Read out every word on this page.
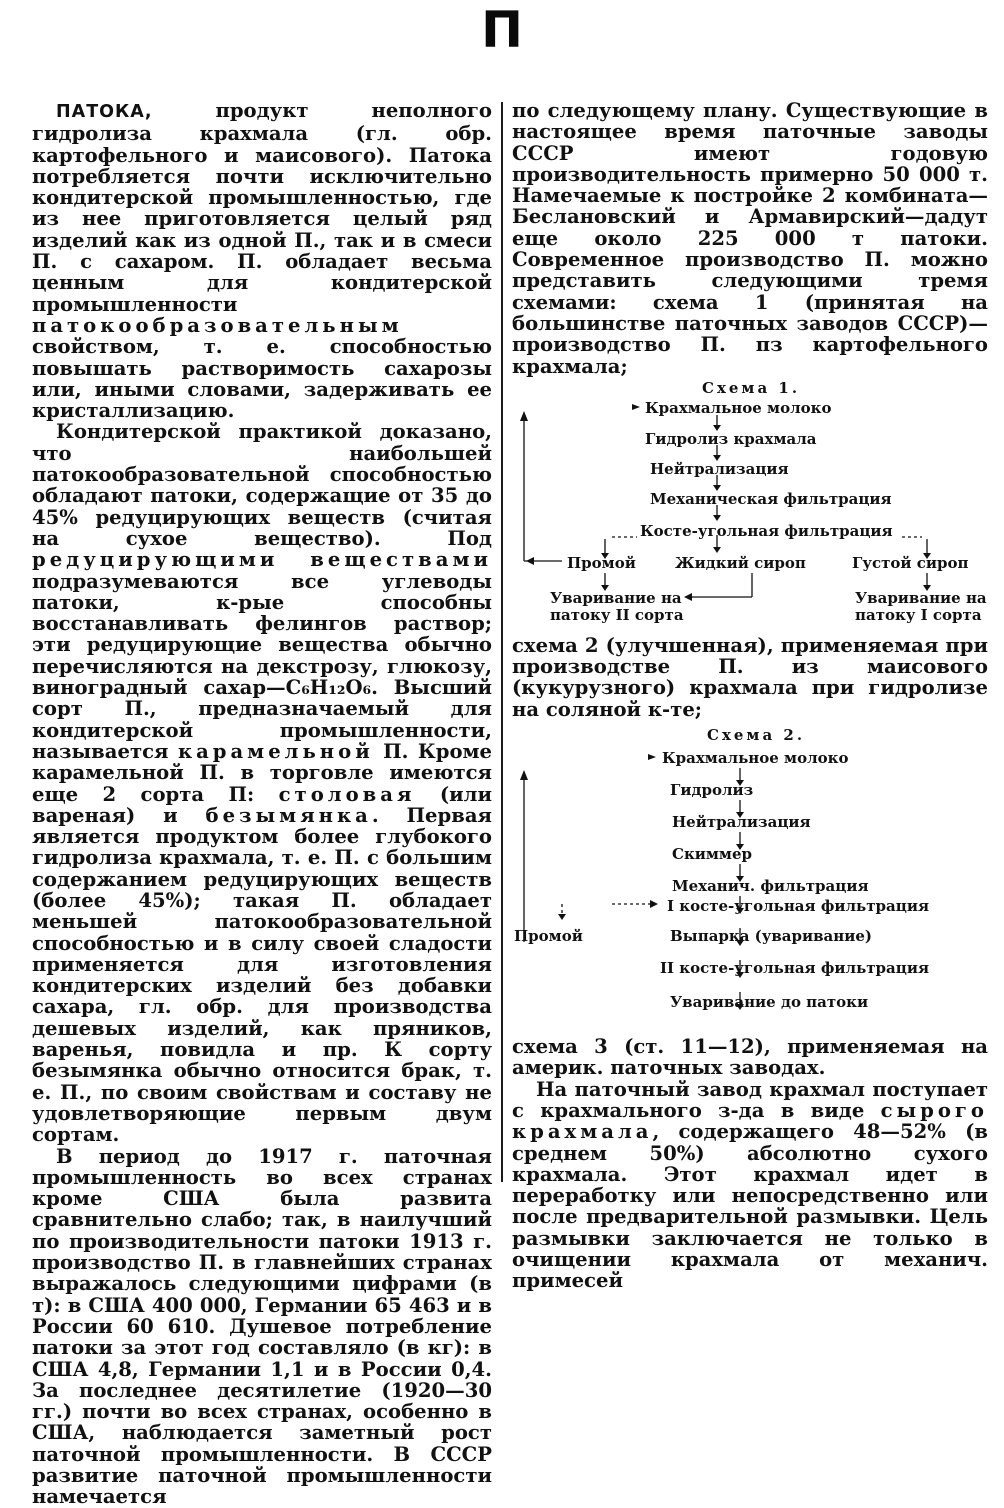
П

ПАТОКА, продукт неполного гидролиза крахмала (гл. обр. картофельного и маисового). Патока потребляется почти исключительно кондитерской промышленностью, где из нее приготовляется целый ряд изделий как из одной П., так и в смеси П. с сахаром. П. обладает весьма ценным для кондитерской промышленности патокообразовательным свойством, т. е. способностью повышать растворимость сахарозы или, иными словами, задерживать ее кристаллизацию.

Кондитерской практикой доказано, что наибольшей патокообразовательной способностью обладают патоки, содержащие от 35 до 45% редуцирующих веществ (считая на сухое вещество). Под редуцирующими веществами подразумеваются все углеводы патоки, к-рые способны восстанавливать фелингов раствор; эти редуцирующие вещества обычно перечисляются на декстрозу, глюкозу, виноградный сахар—C₆H₁₂O₆. Высший сорт П., предназначаемый для кондитерской промышленности, называется карамельной П. Кроме карамельной П. в торговле имеются еще 2 сорта П: столовая (или вареная) и безымянка. Первая является продуктом более глубокого гидролиза крахмала, т. е. П. с большим содержанием редуцирующих веществ (более 45%); такая П. обладает меньшей патокообразовательной способностью и в силу своей сладости применяется для изготовления кондитерских изделий без добавки сахара, гл. обр. для производства дешевых изделий, как пряников, варенья, повидла и пр. К сорту безымянка обычно относится брак, т. е. П., по своим свойствам и составу не удовлетворяющие первым двум сортам.

В период до 1917 г. паточная промышленность во всех странах кроме США была развита сравнительно слабо; так, в наилучший по производительности патоки 1913 г. производство П. в главнейших странах выражалось следующими цифрами (в т): в США 400 000, Германии 65 463 и в России 60 610. Душевое потребление патоки за этот год составляло (в кг): в США 4,8, Германии 1,1 и в России 0,4. За последнее десятилетие (1920—30 гг.) почти во всех странах, особенно в США, наблюдается заметный рост паточной промышленности. В СССР развитие паточной промышленности намечается

по следующему плану. Существующие в настоящее время паточные заводы СССР имеют годовую производительность примерно 50 000 т. Намечаемые к постройке 2 комбината—Беслановский и Армавирский—дадут еще около 225 000 т патоки. Современное производство П. можно представить следующими тремя схемами: схема 1 (принятая на большинстве паточных заводов СССР)—производство П. пз картофельного крахмала;

Схема 1.
Крахмальное молоко
Гидролиз крахмала
Нейтрализация
Механическая фильтрация
Косте-угольная фильтрация
Промой	Жидкий сироп	Густой сироп
Уваривание на
патоку II сорта
Уваривание на
патоку I сорта

схема 2 (улучшенная), применяемая при производстве П. из маисового (кукурузного) крахмала при гидролизе на соляной к-те;

Схема 2.
Крахмальное молоко
Гидролиз
Нейтрализация
Скиммер
Механич. фильтрация
I косте-угольная фильтрация
Промой	Выпарка (уваривание)
II косте-угольная фильтрация
Уваривание до патоки

схема 3 (ст. 11—12), применяемая на америк. паточных заводах.

На паточный завод крахмал поступает с крахмального з-да в виде сырого крахмала, содержащего 48—52% (в среднем 50%) абсолютно сухого крахмала. Этот крахмал идет в переработку или непосредственно или после предварительной размывки. Цель размывки заключается не только в очищении крахмала от механич. примесей
